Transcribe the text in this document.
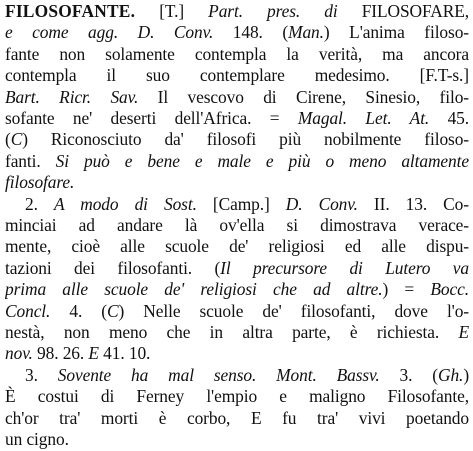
FILOSOFANTE. [T.] Part. pres. di FILOSOFARE,
e come agg. D. Conv. 148. (Man.) L'anima filoso-
fante non solamente contempla la verità, ma ancora
contempla il suo contemplare medesimo. [F.T-s.]
Bart. Ricr. Sav. Il vescovo di Cirene, Sinesio, filo-
sofante ne' deserti dell'Africa. = Magal. Let. At. 45.
(C) Riconosciuto da' filosofi più nobilmente filoso-
fanti. Si può e bene e male e più o meno altamente
filosofare.
2. A modo di Sost. [Camp.] D. Conv. II. 13. Co-
minciai ad andare là ov'ella si dimostrava verace-
mente, cioè alle scuole de' religiosi ed alle dispu-
tazioni dei filosofanti. (Il precursore di Lutero va
prima alle scuole de' religiosi che ad altre.) = Bocc.
Concl. 4. (C) Nelle scuole de' filosofanti, dove l'o-
nestà, non meno che in altra parte, è richiesta. E
nov. 98. 26. E 41. 10.
3. Sovente ha mal senso. Mont. Bassv. 3. (Gh.)
È costui di Ferney l'empio e maligno Filosofante,
ch'or tra' morti è corbo, E fu tra' vivi poetando
un cigno.
